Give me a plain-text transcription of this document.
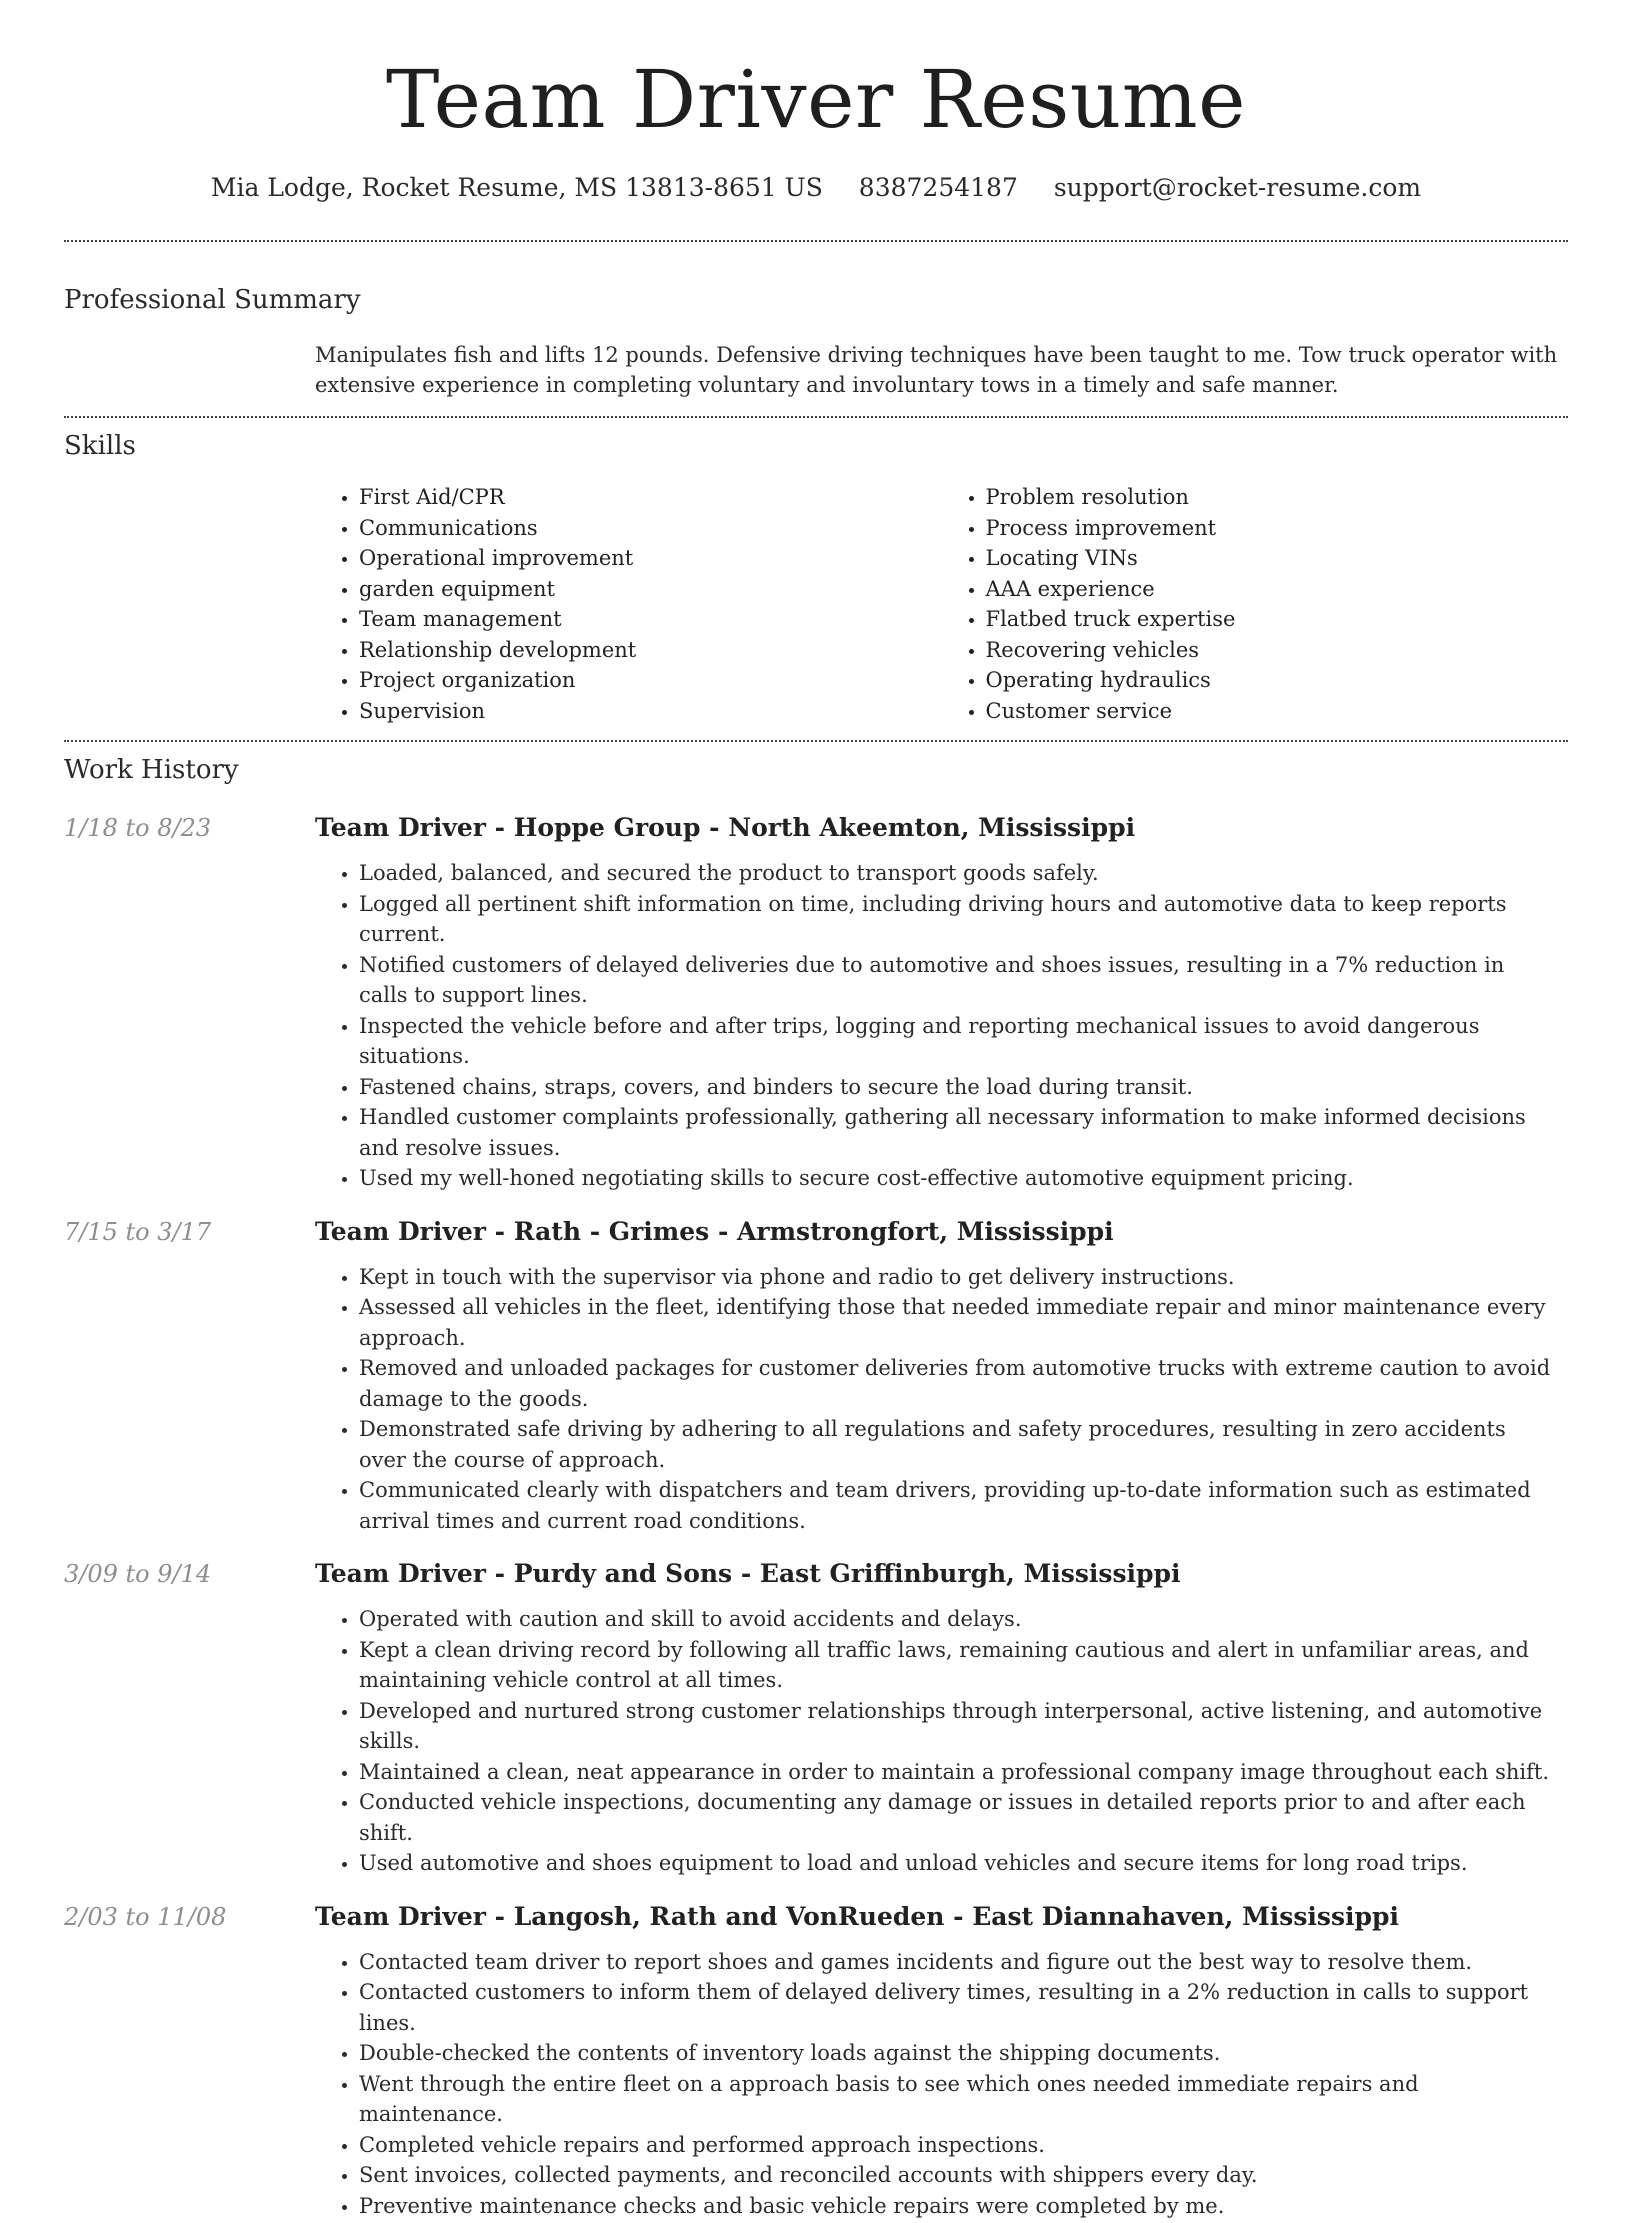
Team Driver Resume
Mia Lodge, Rocket Resume, MS 13813-8651 US 8387254187 support@rocket-resume.com
Professional Summary

Manipulates fish and lifts 12 pounds. Defensive driving techniques have been taught to me. Tow truck operator with extensive experience in completing voluntary and involuntary tows in a timely and safe manner.

Skills
• First Aid/CPR
• Communications
• Operational improvement
• garden equipment
• Team management
• Relationship development
• Project organization
• Supervision
• Problem resolution
• Process improvement
• Locating VINs
• AAA experience
• Flatbed truck expertise
• Recovering vehicles
• Operating hydraulics
• Customer service
Work History
1/18 to 8/23	Team Driver - Hoppe Group - North Akeemton, Mississippi
• Loaded, balanced, and secured the product to transport goods safely.
• Logged all pertinent shift information on time, including driving hours and automotive data to keep reports current.
• Notified customers of delayed deliveries due to automotive and shoes issues, resulting in a 7% reduction in calls to support lines.
• Inspected the vehicle before and after trips, logging and reporting mechanical issues to avoid dangerous situations.
• Fastened chains, straps, covers, and binders to secure the load during transit.
• Handled customer complaints professionally, gathering all necessary information to make informed decisions and resolve issues.
• Used my well-honed negotiating skills to secure cost-effective automotive equipment pricing.
7/15 to 3/17	Team Driver - Rath - Grimes - Armstrongfort, Mississippi
• Kept in touch with the supervisor via phone and radio to get delivery instructions.
• Assessed all vehicles in the fleet, identifying those that needed immediate repair and minor maintenance every approach.
• Removed and unloaded packages for customer deliveries from automotive trucks with extreme caution to avoid damage to the goods.
• Demonstrated safe driving by adhering to all regulations and safety procedures, resulting in zero accidents over the course of approach.
• Communicated clearly with dispatchers and team drivers, providing up-to-date information such as estimated arrival times and current road conditions.
3/09 to 9/14	Team Driver - Purdy and Sons - East Griffinburgh, Mississippi
• Operated with caution and skill to avoid accidents and delays.
• Kept a clean driving record by following all traffic laws, remaining cautious and alert in unfamiliar areas, and maintaining vehicle control at all times.
• Developed and nurtured strong customer relationships through interpersonal, active listening, and automotive skills.
• Maintained a clean, neat appearance in order to maintain a professional company image throughout each shift.
• Conducted vehicle inspections, documenting any damage or issues in detailed reports prior to and after each shift.
• Used automotive and shoes equipment to load and unload vehicles and secure items for long road trips.
2/03 to 11/08	Team Driver - Langosh, Rath and VonRueden - East Diannahaven, Mississippi
• Contacted team driver to report shoes and games incidents and figure out the best way to resolve them.
• Contacted customers to inform them of delayed delivery times, resulting in a 2% reduction in calls to support lines.
• Double-checked the contents of inventory loads against the shipping documents.
• Went through the entire fleet on a approach basis to see which ones needed immediate repairs and maintenance.
• Completed vehicle repairs and performed approach inspections.
• Sent invoices, collected payments, and reconciled accounts with shippers every day.
• Preventive maintenance checks and basic vehicle repairs were completed by me.
